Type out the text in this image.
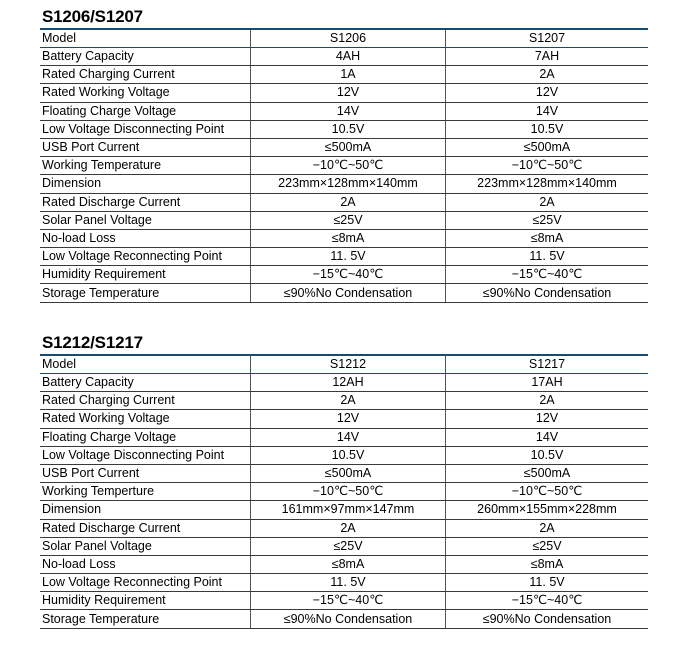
S1206/S1207
Model	S1206	S1207
Battery Capacity	4AH	7AH
Rated Charging Current	1A	2A
Rated Working Voltage	12V	12V
Floating Charge Voltage	14V	14V
Low Voltage Disconnecting Point	10.5V	10.5V
USB Port Current	≤500mA	≤500mA
Working Temperature	−10℃~50℃	−10℃~50℃
Dimension	223mm×128mm×140mm	223mm×128mm×140mm
Rated Discharge Current	2A	2A
Solar Panel Voltage	≤25V	≤25V
No-load Loss	≤8mA	≤8mA
Low Voltage Reconnecting Point	11. 5V	11. 5V
Humidity Requirement	−15℃~40℃	−15℃~40℃
Storage Temperature	≤90%No Condensation	≤90%No Condensation
S1212/S1217
Model	S1212	S1217
Battery Capacity	12AH	17AH
Rated Charging Current	2A	2A
Rated Working Voltage	12V	12V
Floating Charge Voltage	14V	14V
Low Voltage Disconnecting Point	10.5V	10.5V
USB Port Current	≤500mA	≤500mA
Working Temperture	−10℃~50℃	−10℃~50℃
Dimension	161mm×97mm×147mm	260mm×155mm×228mm
Rated Discharge Current	2A	2A
Solar Panel Voltage	≤25V	≤25V
No-load Loss	≤8mA	≤8mA
Low Voltage Reconnecting Point	11. 5V	11. 5V
Humidity Requirement	−15℃~40℃	−15℃~40℃
Storage Temperature	≤90%No Condensation	≤90%No Condensation
